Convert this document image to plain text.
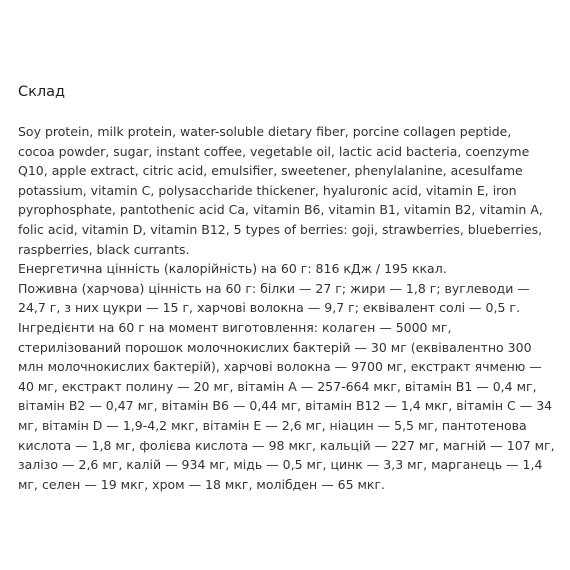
Склад
Soy protein, milk protein, water-soluble dietary fiber, porcine collagen peptide,
cocoa powder, sugar, instant coffee, vegetable oil, lactic acid bacteria, coenzyme
Q10, apple extract, citric acid, emulsifier, sweetener, phenylalanine, acesulfame
potassium, vitamin C, polysaccharide thickener, hyaluronic acid, vitamin E, iron
pyrophosphate, pantothenic acid Ca, vitamin B6, vitamin B1, vitamin B2, vitamin A,
folic acid, vitamin D, vitamin B12, 5 types of berries: goji, strawberries, blueberries,
raspberries, black currants.
Енергетична цінність (калорійність) на 60 г: 816 кДж / 195 ккал.
Поживна (харчова) цінність на 60 г: білки — 27 г; жири — 1,8 г; вуглеводи —
24,7 г, з них цукри — 15 г, харчові волокна — 9,7 г; еквівалент солі — 0,5 г.
Інгредієнти на 60 г на момент виготовлення: колаген — 5000 мг,
стерилізований порошок молочнокислих бактерій — 30 мг (еквівалентно 300
млн молочнокислих бактерій), харчові волокна — 9700 мг, екстракт ячменю —
40 мг, екстракт полину — 20 мг, вітамін А — 257-664 мкг, вітамін В1 — 0,4 мг,
вітамін В2 — 0,47 мг, вітамін В6 — 0,44 мг, вітамін В12 — 1,4 мкг, вітамін С — 34
мг, вітамін D — 1,9-4,2 мкг, вітамін Е — 2,6 мг, ніацин — 5,5 мг, пантотенова
кислота — 1,8 мг, фолієва кислота — 98 мкг, кальцій — 227 мг, магній — 107 мг,
залізо — 2,6 мг, калій — 934 мг, мідь — 0,5 мг, цинк — 3,3 мг, марганець — 1,4
мг, селен — 19 мкг, хром — 18 мкг, молібден — 65 мкг.
